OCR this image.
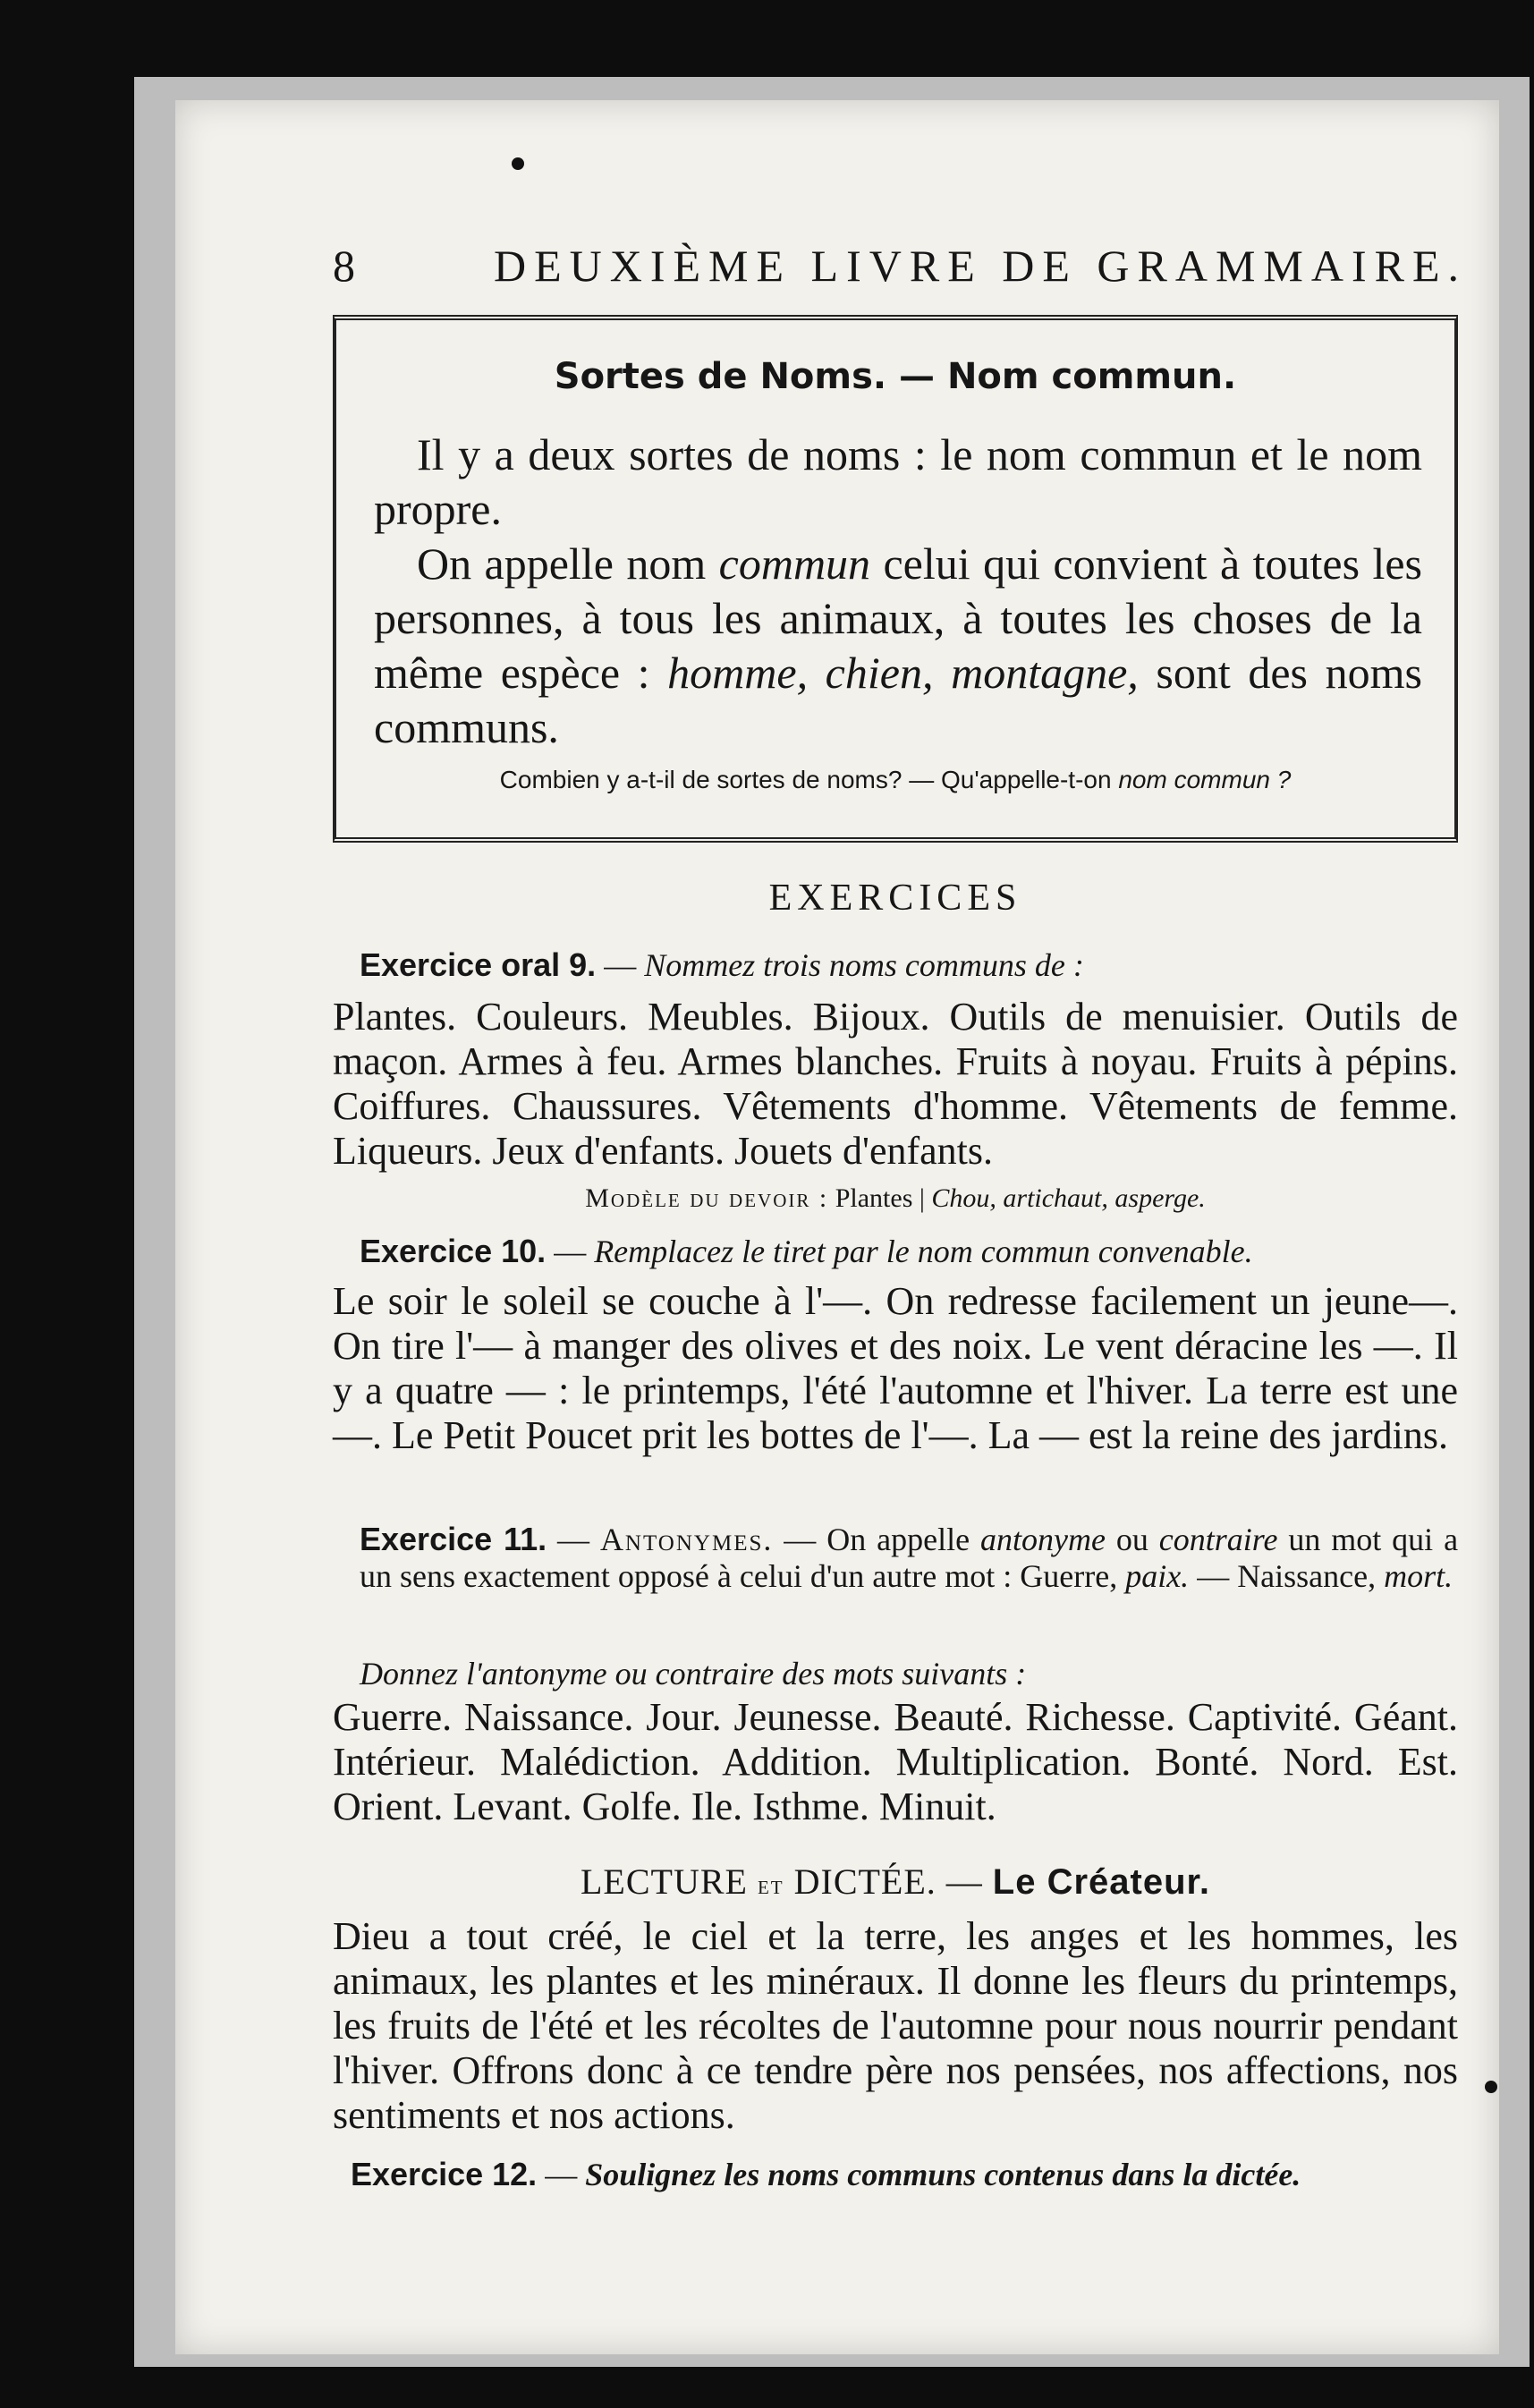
8	DEUXIÈME LIVRE DE GRAMMAIRE.
Sortes de Noms. — Nom commun.

Il y a deux sortes de noms : le nom commun et le nom propre.

On appelle nom commun celui qui convient à toutes les personnes, à tous les animaux, à toutes les choses de la même espèce : homme, chien, montagne, sont des noms communs.

Combien y a-t-il de sortes de noms? — Qu'appelle-t-on nom commun ?
EXERCICES
Exercice oral 9. — Nommez trois noms communs de :
Plantes. Couleurs. Meubles. Bijoux. Outils de menuisier. Outils de maçon. Armes à feu. Armes blanches. Fruits à noyau. Fruits à pépins. Coiffures. Chaussures. Vêtements d'homme. Vêtements de femme. Liqueurs. Jeux d'enfants. Jouets d'enfants.
Modèle du devoir : Plantes | Chou, artichaut, asperge.
Exercice 10. — Remplacez le tiret par le nom commun convenable.
Le soir le soleil se couche à l'—. On redresse facilement un jeune—. On tire l'— à manger des olives et des noix. Le vent déracine les —. Il y a quatre — : le printemps, l'été l'automne et l'hiver. La terre est une —. Le Petit Poucet prit les bottes de l'—. La — est la reine des jardins.
Exercice 11. — Antonymes. — On appelle antonyme ou contraire un mot qui a un sens exactement opposé à celui d'un autre mot : Guerre, paix. — Naissance, mort.
Donnez l'antonyme ou contraire des mots suivants :
Guerre. Naissance. Jour. Jeunesse. Beauté. Richesse. Captivité. Géant. Intérieur. Malédiction. Addition. Multiplication. Bonté. Nord. Est. Orient. Levant. Golfe. Ile. Isthme. Minuit.
LECTURE et DICTÉE. — Le Créateur.
Dieu a tout créé, le ciel et la terre, les anges et les hommes, les animaux, les plantes et les minéraux. Il donne les fleurs du printemps, les fruits de l'été et les récoltes de l'automne pour nous nourrir pendant l'hiver. Offrons donc à ce tendre père nos pensées, nos affections, nos sentiments et nos actions.
Exercice 12. — Soulignez les noms communs contenus dans la dictée.
